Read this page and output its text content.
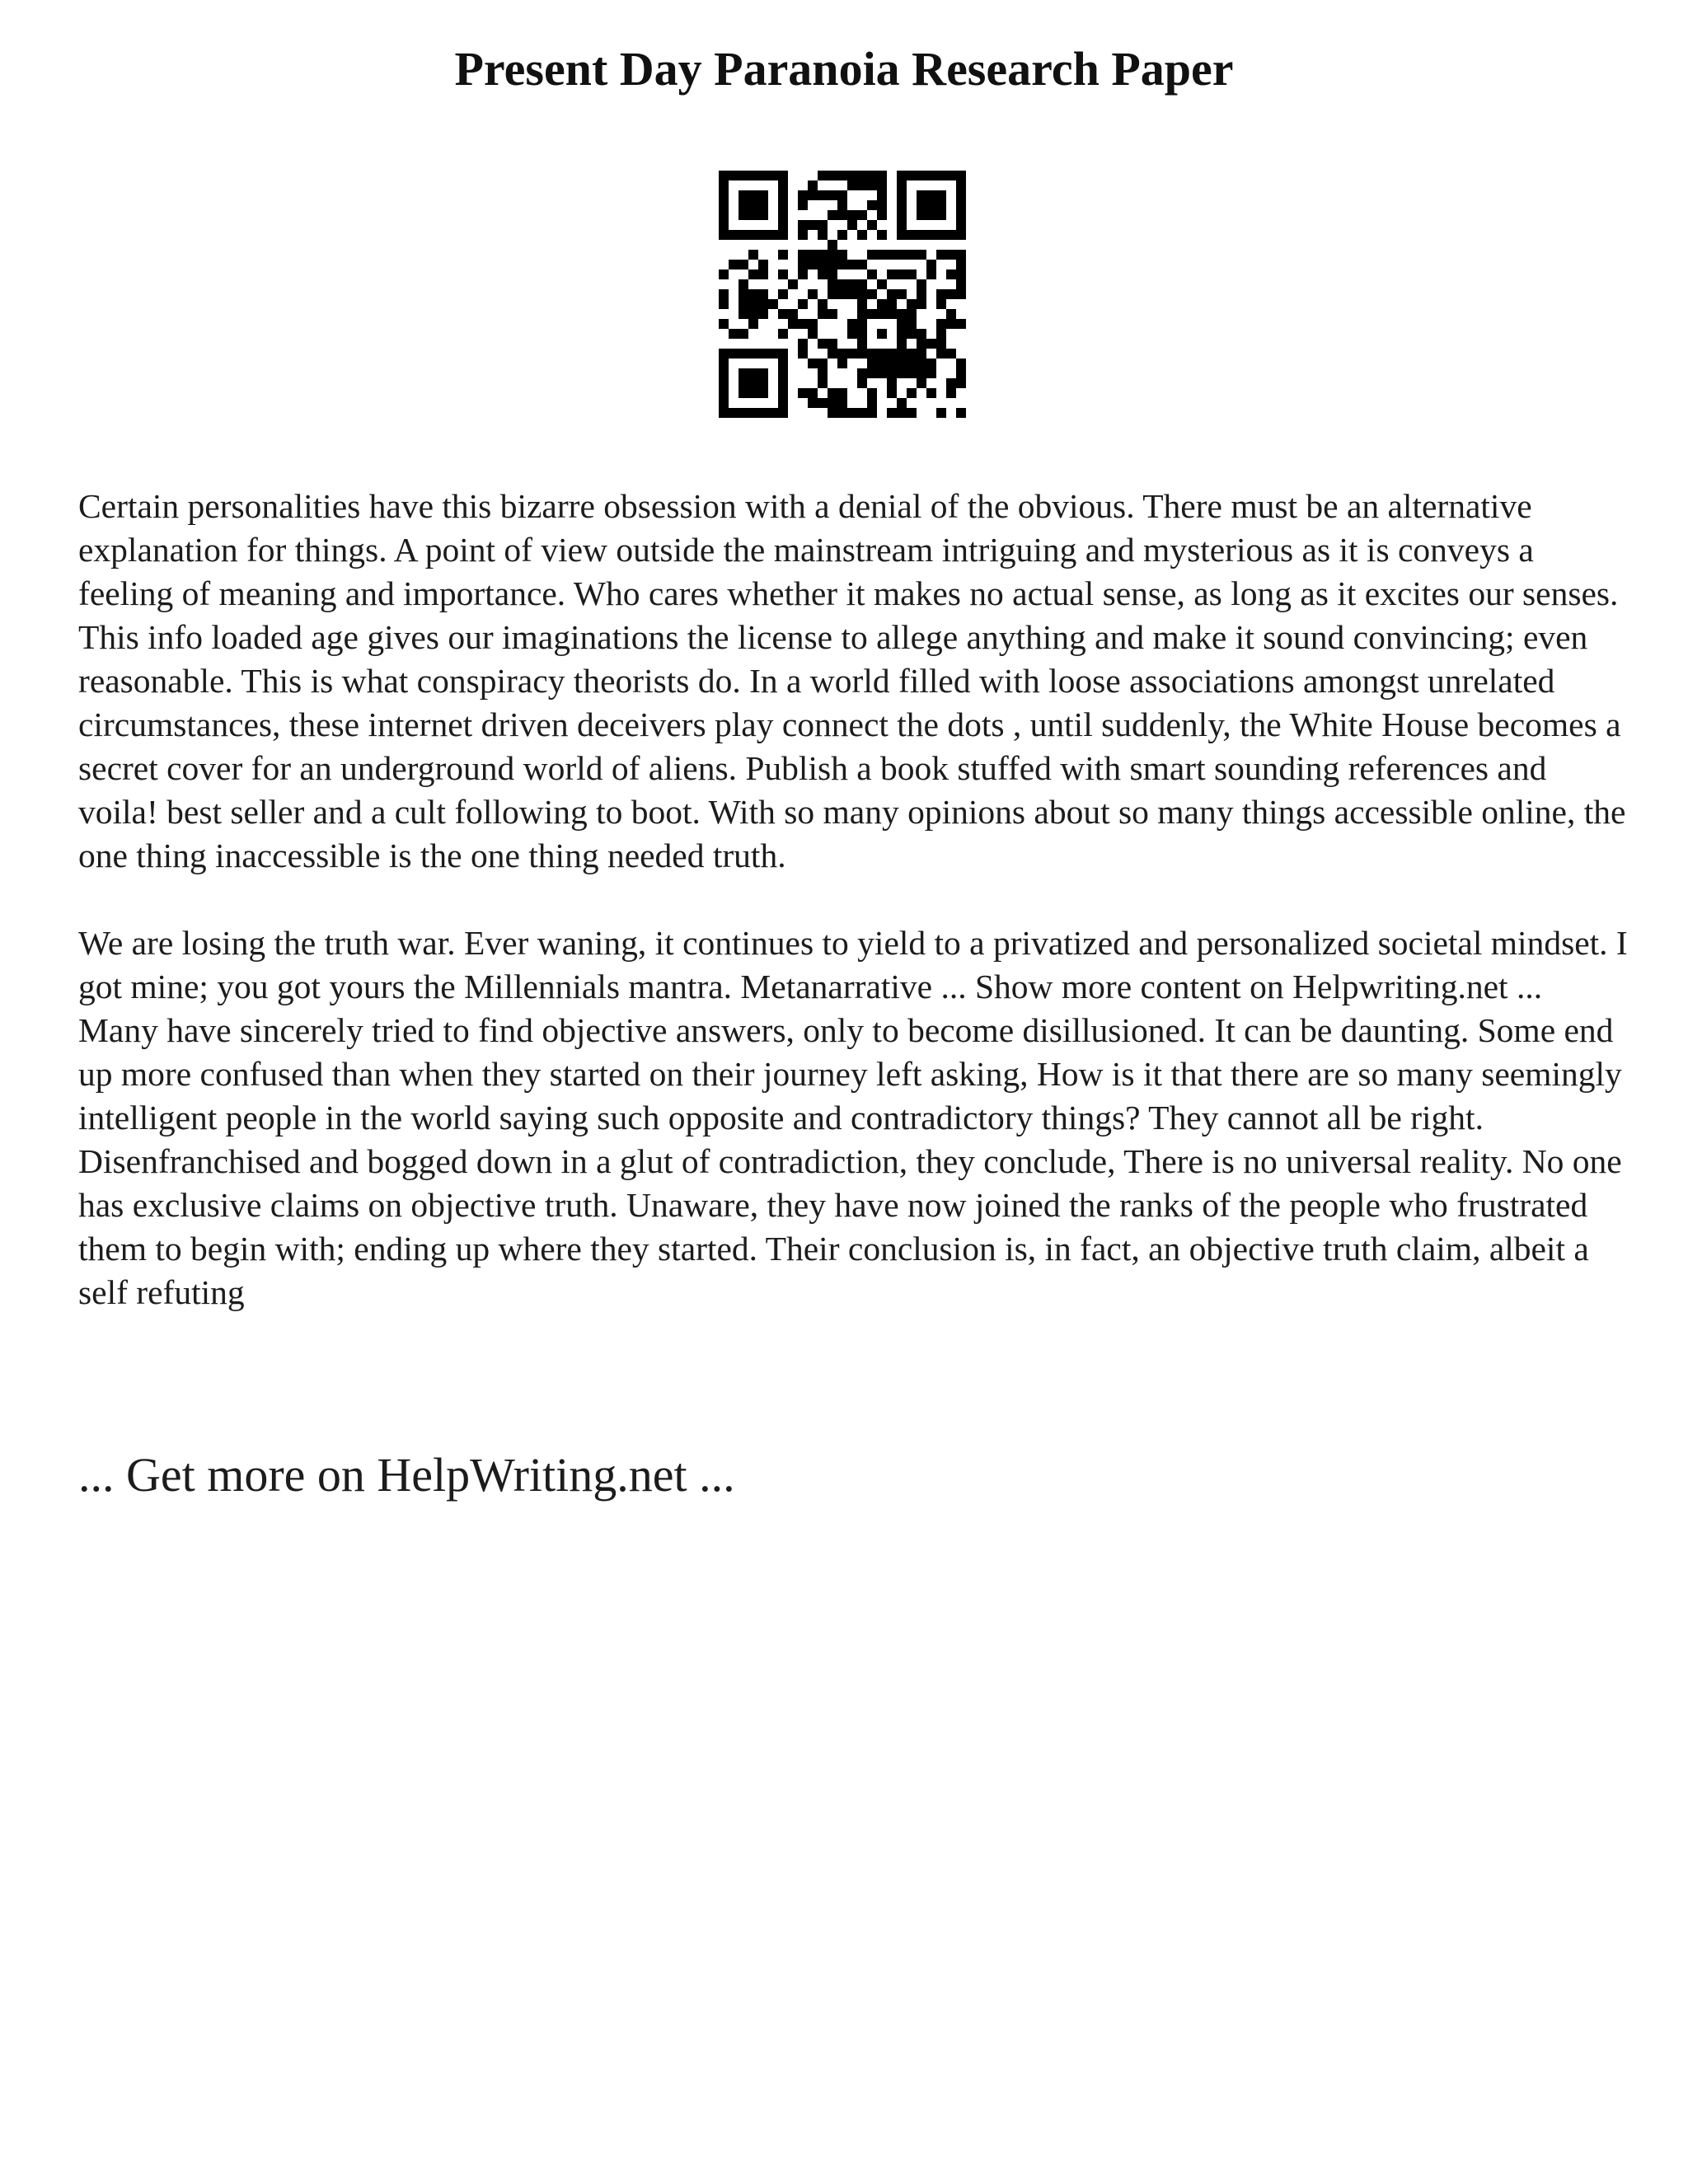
Present Day Paranoia Research Paper

Certain personalities have this bizarre obsession with a denial of the obvious. There must be an alternative explanation for things. A point of view outside the mainstream intriguing and mysterious as it is conveys a feeling of meaning and importance. Who cares whether it makes no actual sense, as long as it excites our senses. This info loaded age gives our imaginations the license to allege anything and make it sound convincing; even reasonable. This is what conspiracy theorists do. In a world filled with loose associations amongst unrelated circumstances, these internet driven deceivers play connect the dots , until suddenly, the White House becomes a secret cover for an underground world of aliens. Publish a book stuffed with smart sounding references and voila! best seller and a cult following to boot. With so many opinions about so many things accessible online, the one thing inaccessible is the one thing needed truth.

We are losing the truth war. Ever waning, it continues to yield to a privatized and personalized societal mindset. I got mine; you got yours the Millennials mantra. Metanarrative ... Show more content on Helpwriting.net ...

Many have sincerely tried to find objective answers, only to become disillusioned. It can be daunting. Some end up more confused than when they started on their journey left asking, How is it that there are so many seemingly intelligent people in the world saying such opposite and contradictory things? They cannot all be right. Disenfranchised and bogged down in a glut of contradiction, they conclude, There is no universal reality. No one has exclusive claims on objective truth. Unaware, they have now joined the ranks of the people who frustrated them to begin with; ending up where they started. Their conclusion is, in fact, an objective truth claim, albeit a self refuting

... Get more on HelpWriting.net ...
